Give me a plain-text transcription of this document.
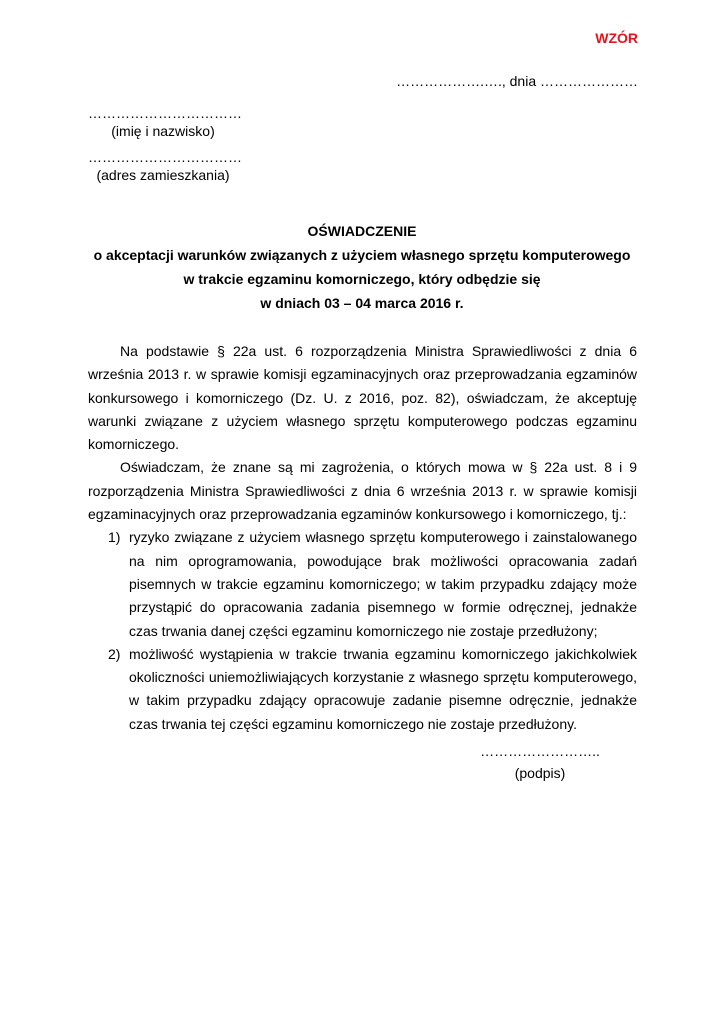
WZÓR
……………….…., dnia …………………
……………………………
(imię i nazwisko)
……………………………
(adres zamieszkania)
OŚWIADCZENIE
o akceptacji warunków związanych z użyciem własnego sprzętu komputerowego
w trakcie egzaminu komorniczego, który odbędzie się
w dniach 03 – 04 marca 2016 r.

Na podstawie § 22a ust. 6 rozporządzenia Ministra Sprawiedliwości z dnia 6 września 2013 r. w sprawie komisji egzaminacyjnych oraz przeprowadzania egzaminów konkursowego i komorniczego (Dz. U. z 2016, poz. 82), oświadczam, że akceptuję warunki związane z użyciem własnego sprzętu komputerowego podczas egzaminu komorniczego.

Oświadczam, że znane są mi zagrożenia, o których mowa w § 22a ust. 8 i 9 rozporządzenia Ministra Sprawiedliwości z dnia 6 września 2013 r. w sprawie komisji egzaminacyjnych oraz przeprowadzania egzaminów konkursowego i komorniczego, tj.:

1) ryzyko związane z użyciem własnego sprzętu komputerowego i zainstalowanego na nim oprogramowania, powodujące brak możliwości opracowania zadań pisemnych w trakcie egzaminu komorniczego; w takim przypadku zdający może przystąpić do opracowania zadania pisemnego w formie odręcznej, jednakże czas trwania danej części egzaminu komorniczego nie zostaje przedłużony;
2) możliwość wystąpienia w trakcie trwania egzaminu komorniczego jakichkolwiek okoliczności uniemożliwiających korzystanie z własnego sprzętu komputerowego, w takim przypadku zdający opracowuje zadanie pisemne odręcznie, jednakże czas trwania tej części egzaminu komorniczego nie zostaje przedłużony.
……………………..
(podpis)
